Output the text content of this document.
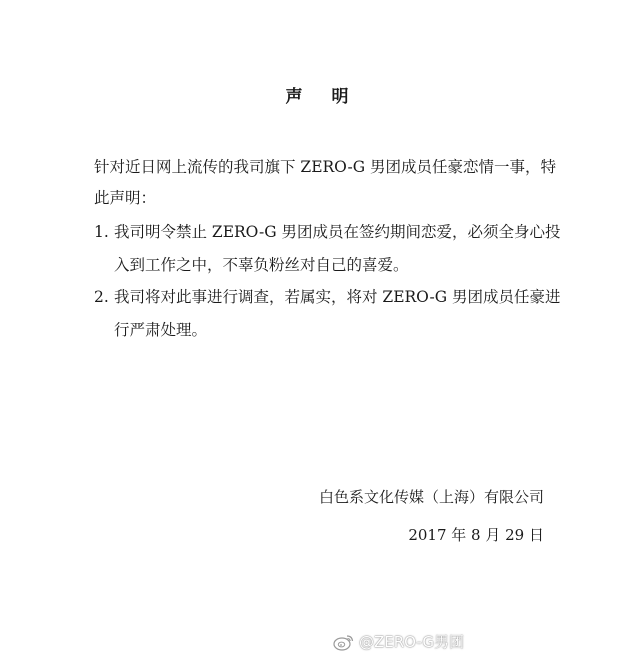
声　明
针对近日网上流传的我司旗下 ZERO-G 男团成员任豪恋情一事，特此声明：
1. 我司明令禁止 ZERO-G 男团成员在签约期间恋爱，必须全身心投入到工作之中，不辜负粉丝对自己的喜爱。
2. 我司将对此事进行调查，若属实，将对 ZERO-G 男团成员任豪进行严肃处理。
白色系文化传媒（上海）有限公司
2017 年 8 月 29 日
@ZERO-G男团
